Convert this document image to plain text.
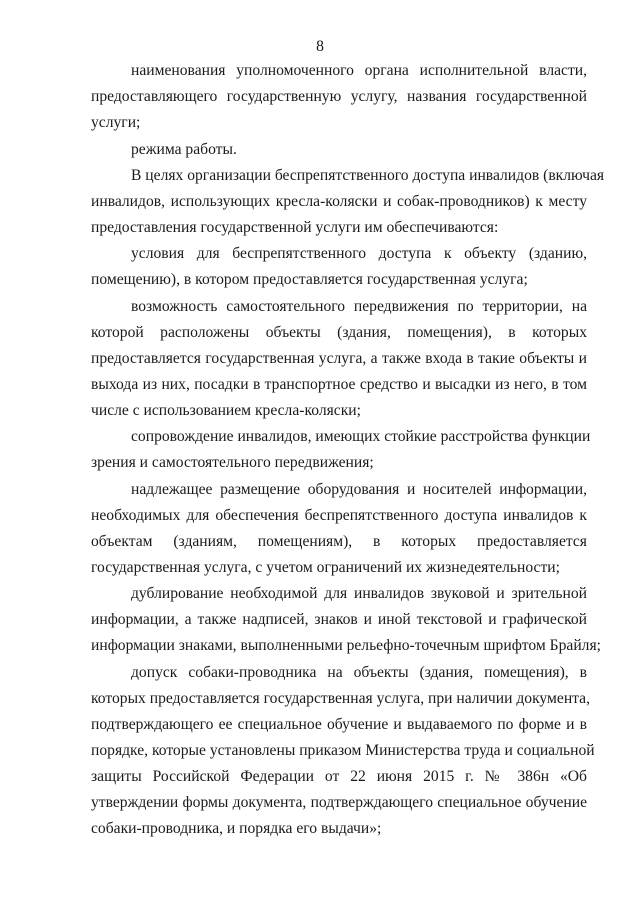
8
наименования уполномоченного органа исполнительной власти,
предоставляющего государственную услугу, названия государственной
услуги;
режима работы.
В целях организации беспрепятственного доступа инвалидов (включая
инвалидов, использующих кресла-коляски и собак-проводников) к месту
предоставления государственной услуги им обеспечиваются:
условия для беспрепятственного доступа к объекту (зданию,
помещению), в котором предоставляется государственная услуга;
возможность самостоятельного передвижения по территории, на
которой расположены объекты (здания, помещения), в которых
предоставляется государственная услуга, а также входа в такие объекты и
выхода из них, посадки в транспортное средство и высадки из него, в том
числе с использованием кресла-коляски;
сопровождение инвалидов, имеющих стойкие расстройства функции
зрения и самостоятельного передвижения;
надлежащее размещение оборудования и носителей информации,
необходимых для обеспечения беспрепятственного доступа инвалидов к
объектам (зданиям, помещениям), в которых предоставляется
государственная услуга, с учетом ограничений их жизнедеятельности;
дублирование необходимой для инвалидов звуковой и зрительной
информации, а также надписей, знаков и иной текстовой и графической
информации знаками, выполненными рельефно-точечным шрифтом Брайля;
допуск собаки-проводника на объекты (здания, помещения), в
которых предоставляется государственная услуга, при наличии документа,
подтверждающего ее специальное обучение и выдаваемого по форме и в
порядке, которые установлены приказом Министерства труда и социальной
защиты Российской Федерации от 22 июня 2015 г. № 386н «Об
утверждении формы документа, подтверждающего специальное обучение
собаки-проводника, и порядка его выдачи»;
